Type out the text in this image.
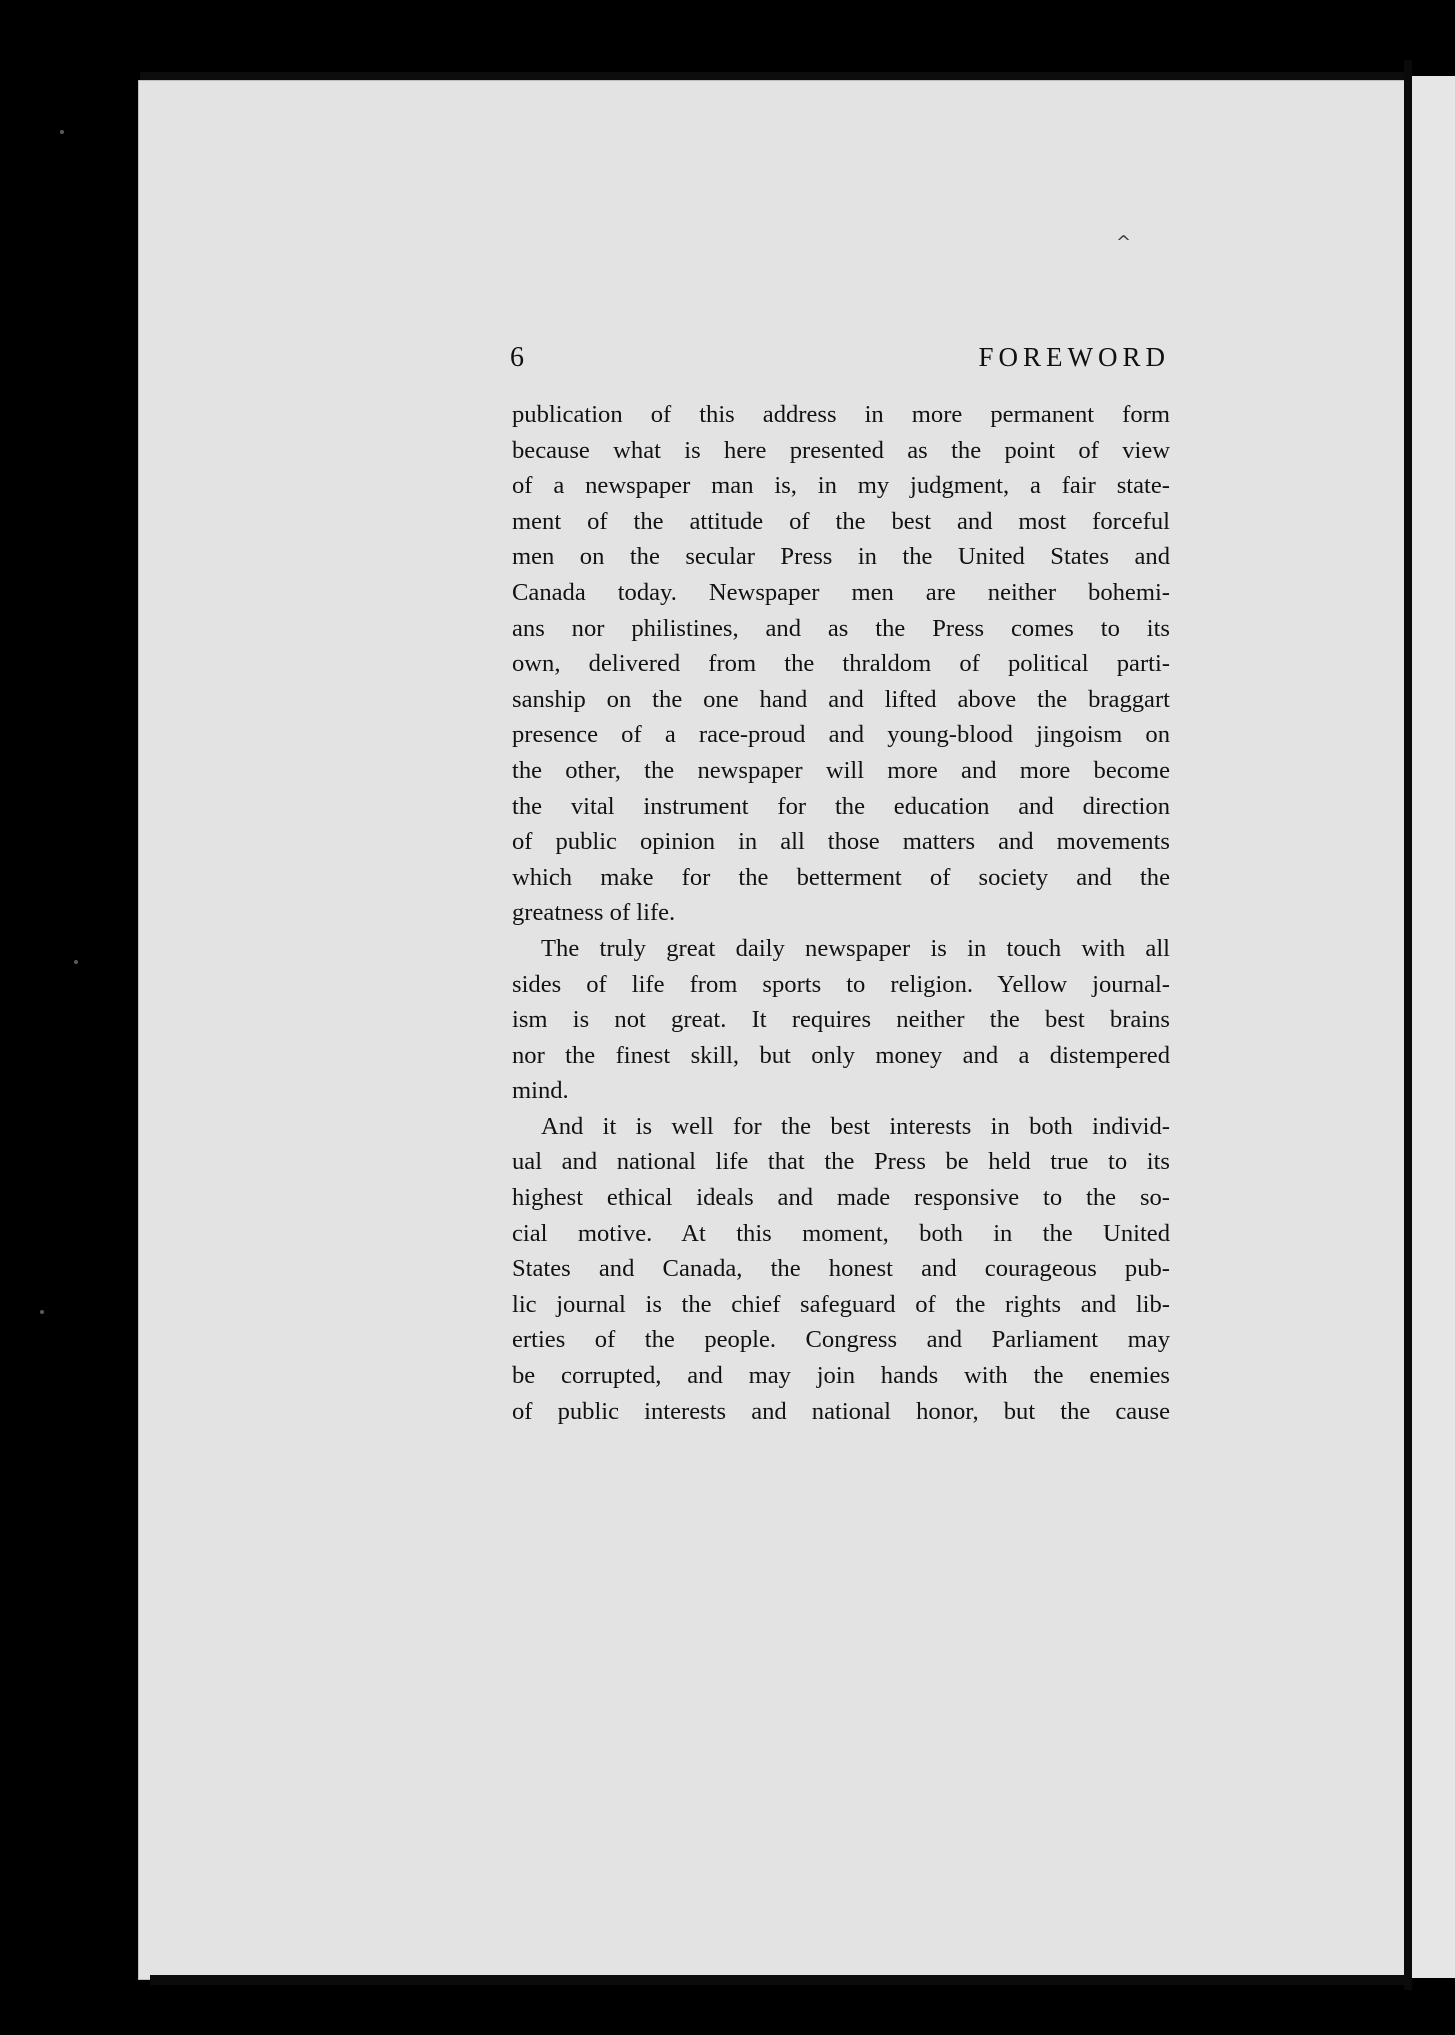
^
6	FOREWORD
publication of this address in more permanent form
because what is here presented as the point of view
of a newspaper man is, in my judgment, a fair state-
ment of the attitude of the best and most forceful
men on the secular Press in the United States and
Canada today. Newspaper men are neither bohemi-
ans nor philistines, and as the Press comes to its
own, delivered from the thraldom of political parti-
sanship on the one hand and lifted above the braggart
presence of a race-proud and young-blood jingoism on
the other, the newspaper will more and more become
the vital instrument for the education and direction
of public opinion in all those matters and movements
which make for the betterment of society and the
greatness of life.
The truly great daily newspaper is in touch with all
sides of life from sports to religion. Yellow journal-
ism is not great. It requires neither the best brains
nor the finest skill, but only money and a distempered
mind.
And it is well for the best interests in both individ-
ual and national life that the Press be held true to its
highest ethical ideals and made responsive to the so-
cial motive. At this moment, both in the United
States and Canada, the honest and courageous pub-
lic journal is the chief safeguard of the rights and lib-
erties of the people. Congress and Parliament may
be corrupted, and may join hands with the enemies
of public interests and national honor, but the cause
